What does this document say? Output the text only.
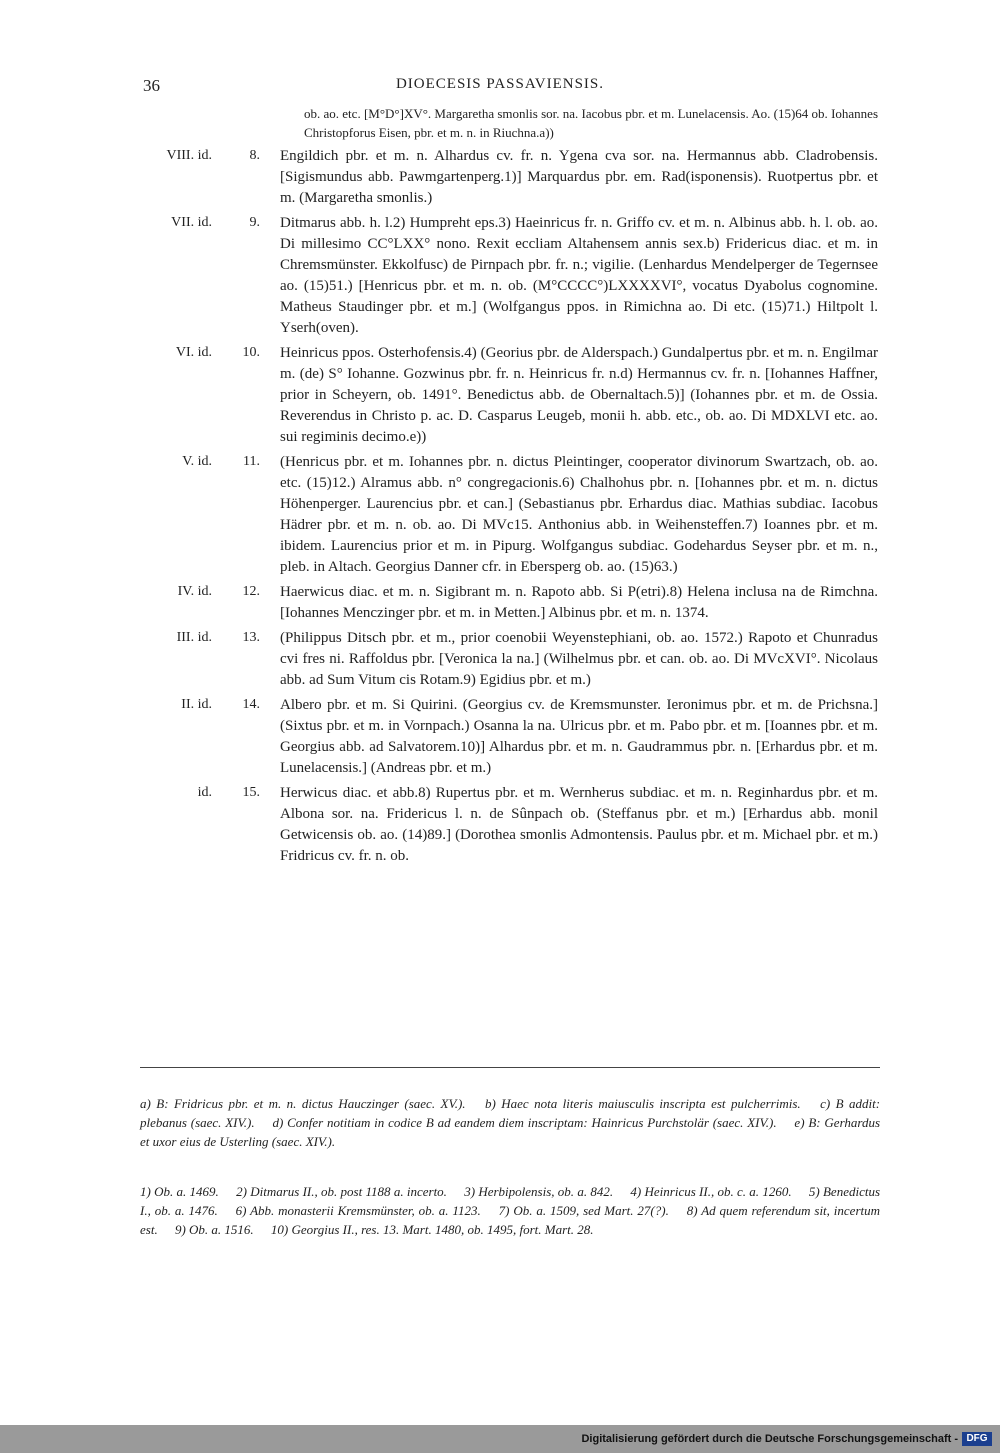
36	DIOECESIS PASSAVIENSIS.
ob. ao. etc. [M°D°]XV°. Margaretha smonlis sor. na. Iacobus pbr. et m. Lunelacensis. Ao. (15)64 ob. Iohannes Christopforus Eisen, pbr. et m. n. in Riuchna.a))
VIII. id.	8. Engildich pbr. et m. n. Alhardus cv. fr. n. Ygena cva sor. na. Hermannus abb. Cladrobensis. [Sigismundus abb. Pawmgartenperg.1)] Marquardus pbr. em. Rad(isponensis). Ruotpertus pbr. et m. (Margaretha smonlis.)
VII. id.	9. Ditmarus abb. h. l.2) Humpreht eps.3) Haeinricus fr. n. Griffo cv. et m. n. Albinus abb. h. l. ob. ao. Di millesimo CC°LXX° nono. Rexit eccliam Altahensem annis sex.b) Fridericus diac. et m. in Chremsmünster. Ekkolfusc) de Pirnpach pbr. fr. n.; vigilie. (Lenhardus Mendelperger de Tegernsee ao. (15)51.) [Henricus pbr. et m. n. ob. (M°CCCC°)LXXXXVI°, vocatus Dyabolus cognomine. Matheus Staudinger pbr. et m.] (Wolfgangus ppos. in Rimichna ao. Di etc. (15)71.) Hiltpolt l. Yserh(oven).
VI. id.	10. Heinricus ppos. Osterhofensis.4) (Georius pbr. de Alderspach.) Gundalpertus pbr. et m. n. Engilmar m. (de) S° Iohanne. Gozwinus pbr. fr. n. Heinricus fr. n.d) Hermannus cv. fr. n. [Iohannes Haffner, prior in Scheyern, ob. 1491°. Benedictus abb. de Obernaltach.5)] (Iohannes pbr. et m. de Ossia. Reverendus in Christo p. ac. D. Casparus Leugeb, monii h. abb. etc., ob. ao. Di MDXLVI etc. ao. sui regiminis decimo.e))
V. id.	11. (Henricus pbr. et m. Iohannes pbr. n. dictus Pleintinger, cooperator divinorum Swartzach, ob. ao. etc. (15)12.) Alramus abb. n° congregacionis.6) Chalhohus pbr. n. [Iohannes pbr. et m. n. dictus Höhenperger. Laurencius pbr. et can.] (Sebastianus pbr. Erhardus diac. Mathias subdiac. Iacobus Hädrer pbr. et m. n. ob. ao. Di MVc15. Anthonius abb. in Weihensteffen.7) Ioannes pbr. et m. ibidem. Laurencius prior et m. in Pipurg. Wolfgangus subdiac. Godehardus Seyser pbr. et m. n., pleb. in Altach. Georgius Danner cfr. in Ebersperg ob. ao. (15)63.)
IV. id.	12. Haerwicus diac. et m. n. Sigibrant m. n. Rapoto abb. Si P(etri).8) Helena inclusa na de Rimchna. [Iohannes Menczinger pbr. et m. in Metten.] Albinus pbr. et m. n. 1374.
III. id.	13. (Philippus Ditsch pbr. et m., prior coenobii Weyenstephiani, ob. ao. 1572.) Rapoto et Chunradus cvi fres ni. Raffoldus pbr. [Veronica la na.] (Wilhelmus pbr. et can. ob. ao. Di MVcXVI°. Nicolaus abb. ad Sum Vitum cis Rotam.9) Egidius pbr. et m.)
II. id.	14. Albero pbr. et m. Si Quirini. (Georgius cv. de Kremsmunster. Ieronimus pbr. et m. de Prichsna.] (Sixtus pbr. et m. in Vornpach.) Osanna la na. Ulricus pbr. et m. Pabo pbr. et m. [Ioannes pbr. et m. Georgius abb. ad Salvatorem.10)] Alhardus pbr. et m. n. Gaudrammus pbr. n. [Erhardus pbr. et m. Lunelacensis.] (Andreas pbr. et m.)
id.	15. Herwicus diac. et abb.8) Rupertus pbr. et m. Wernherus subdiac. et m. n. Reginhardus pbr. et m. Albona sor. na. Fridericus l. n. de Sûnpach ob. (Steffanus pbr. et m.) [Erhardus abb. monil Getwicensis ob. ao. (14)89.] (Dorothea smonlis Admontensis. Paulus pbr. et m. Michael pbr. et m.) Fridricus cv. fr. n. ob.
a) B: Fridricus pbr. et m. n. dictus Hauczinger (saec. XV.). b) Haec nota literis maiusculis inscripta est pulcherrimis. c) B addit: plebanus (saec. XIV.). d) Confer notitiam in codice B ad eandem diem inscriptam: Hainricus Purchstolär (saec. XIV.). e) B: Gerhardus et uxor eius de Usterling (saec. XIV.).
1) Ob. a. 1469. 2) Ditmarus II., ob. post 1188 a. incerto. 3) Herbipolensis, ob. a. 842. 4) Heinricus II., ob. c. a. 1260. 5) Benedictus I., ob. a. 1476. 6) Abb. monasterii Kremsmünster, ob. a. 1123. 7) Ob. a. 1509, sed Mart. 27(?). 8) Ad quem referendum sit, incertum est. 9) Ob. a. 1516. 10) Georgius II., res. 13. Mart. 1480, ob. 1495, fort. Mart. 28.
Digitalisierung gefördert durch die Deutsche Forschungsgemeinschaft - DFG
